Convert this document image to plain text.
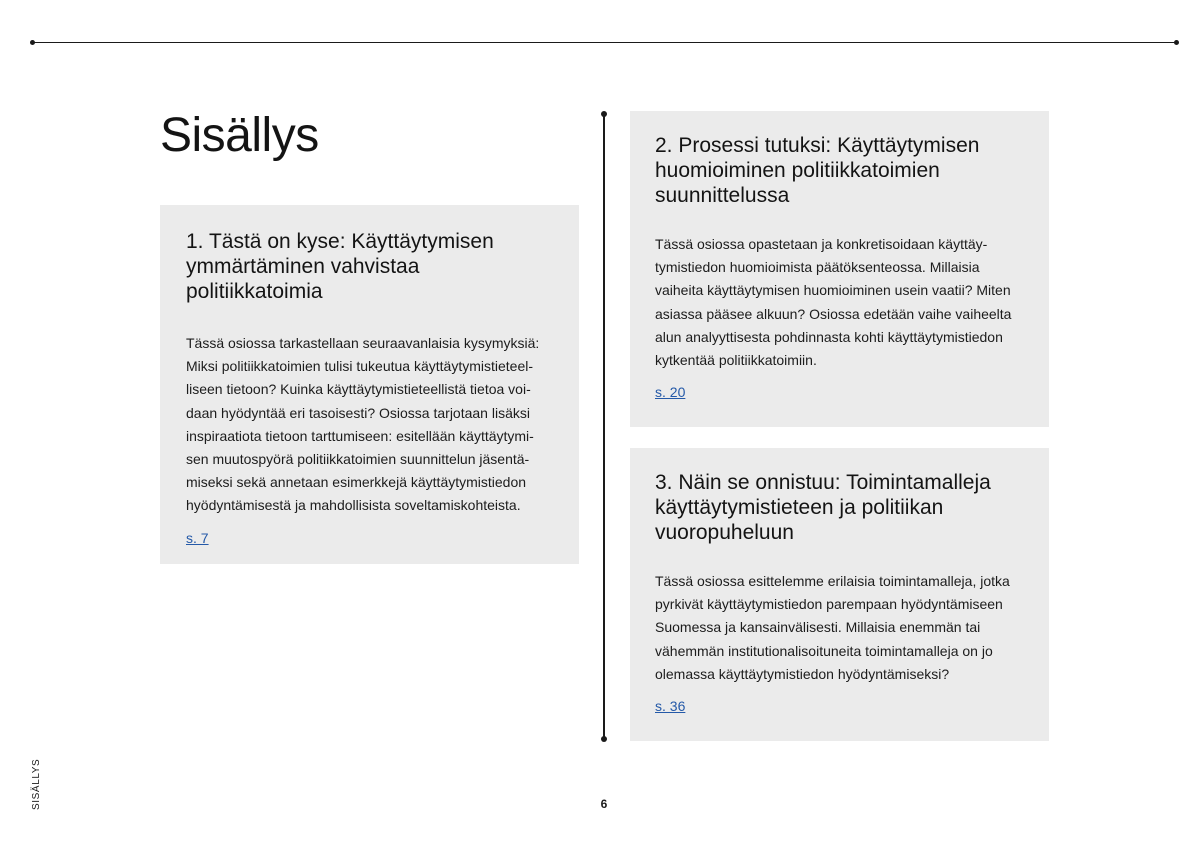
Sisällys
1. Tästä on kyse: Käyttäytymisen
ymmärtäminen vahvistaa
politiikkatoimia

Tässä osiossa tarkastellaan seuraavanlaisia kysymyksiä:
Miksi politiikkatoimien tulisi tukeutua käyttäytymistieteel-
liseen tietoon? Kuinka käyttäytymistieteellistä tietoa voi-
daan hyödyntää eri tasoisesti? Osiossa tarjotaan lisäksi
inspiraatiota tietoon tarttumiseen: esitellään käyttäytymi-
sen muutospyörä politiikkatoimien suunnittelun jäsentä-
miseksi sekä annetaan esimerkkejä käyttäytymistiedon
hyödyntämisestä ja mahdollisista soveltamiskohteista.

s. 7
2. Prosessi tutuksi: Käyttäytymisen
huomioiminen politiikkatoimien
suunnittelussa

Tässä osiossa opastetaan ja konkretisoidaan käyttäy-
tymistiedon huomioimista päätöksenteossa. Millaisia
vaiheita käyttäytymisen huomioiminen usein vaatii? Miten
asiassa pääsee alkuun? Osiossa edetään vaihe vaiheelta
alun analyyttisesta pohdinnasta kohti käyttäytymistiedon
kytkentää politiikkatoimiin.

s. 20
3. Näin se onnistuu: Toimintamalleja
käyttäytymistieteen ja politiikan
vuoropuheluun

Tässä osiossa esittelemme erilaisia toimintamalleja, jotka
pyrkivät käyttäytymistiedon parempaan hyödyntämiseen
Suomessa ja kansainvälisesti. Millaisia enemmän tai
vähemmän institutionalisoituneita toimintamalleja on jo
olemassa käyttäytymistiedon hyödyntämiseksi?

s. 36
SISÄLLYS	6
